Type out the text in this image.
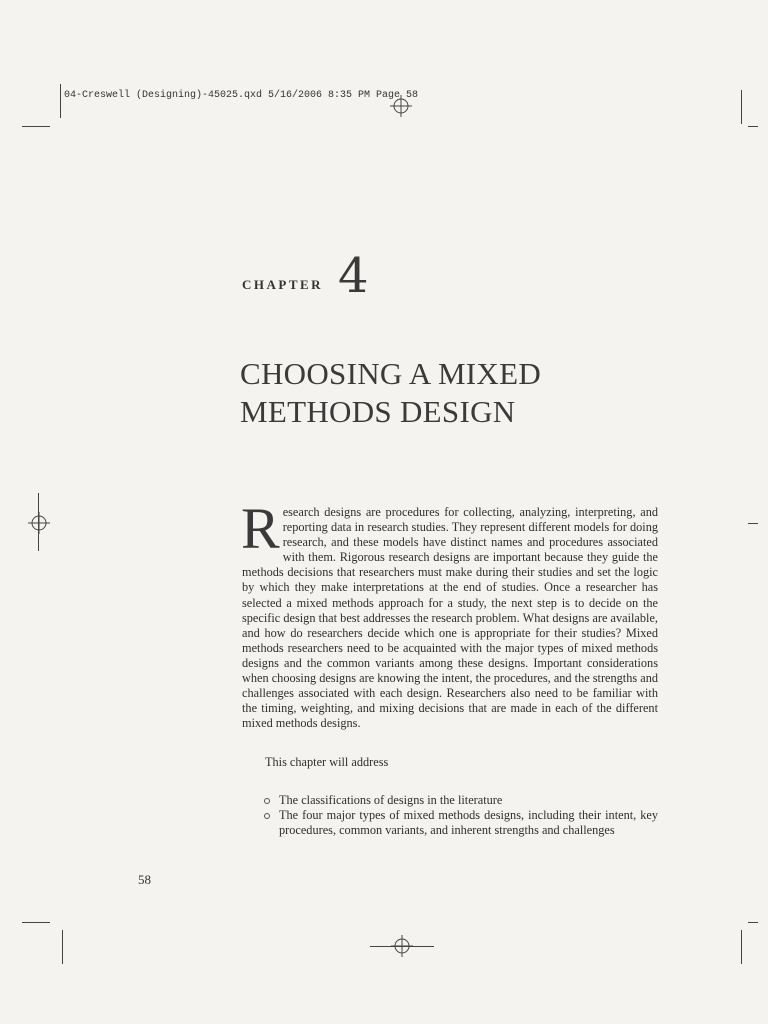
04-Creswell (Designing)-45025.qxd 5/16/2006 8:35 PM Page 58
CHAPTER 4
CHOOSING A MIXED
METHODS DESIGN
Research designs are procedures for collecting, analyzing, interpreting, and reporting data in research studies. They represent different models for doing research, and these models have distinct names and procedures associated with them. Rigorous research designs are important because they guide the methods decisions that researchers must make during their studies and set the logic by which they make interpretations at the end of studies. Once a researcher has selected a mixed methods approach for a study, the next step is to decide on the specific design that best addresses the research problem. What designs are available, and how do researchers decide which one is appropriate for their studies? Mixed methods researchers need to be acquainted with the major types of mixed methods designs and the common variants among these designs. Important considerations when choosing designs are knowing the intent, the procedures, and the strengths and challenges associated with each design. Researchers also need to be familiar with the timing, weighting, and mixing decisions that are made in each of the different mixed methods designs.
This chapter will address
The classifications of designs in the literature
The four major types of mixed methods designs, including their intent, key procedures, common variants, and inherent strengths and challenges
58
